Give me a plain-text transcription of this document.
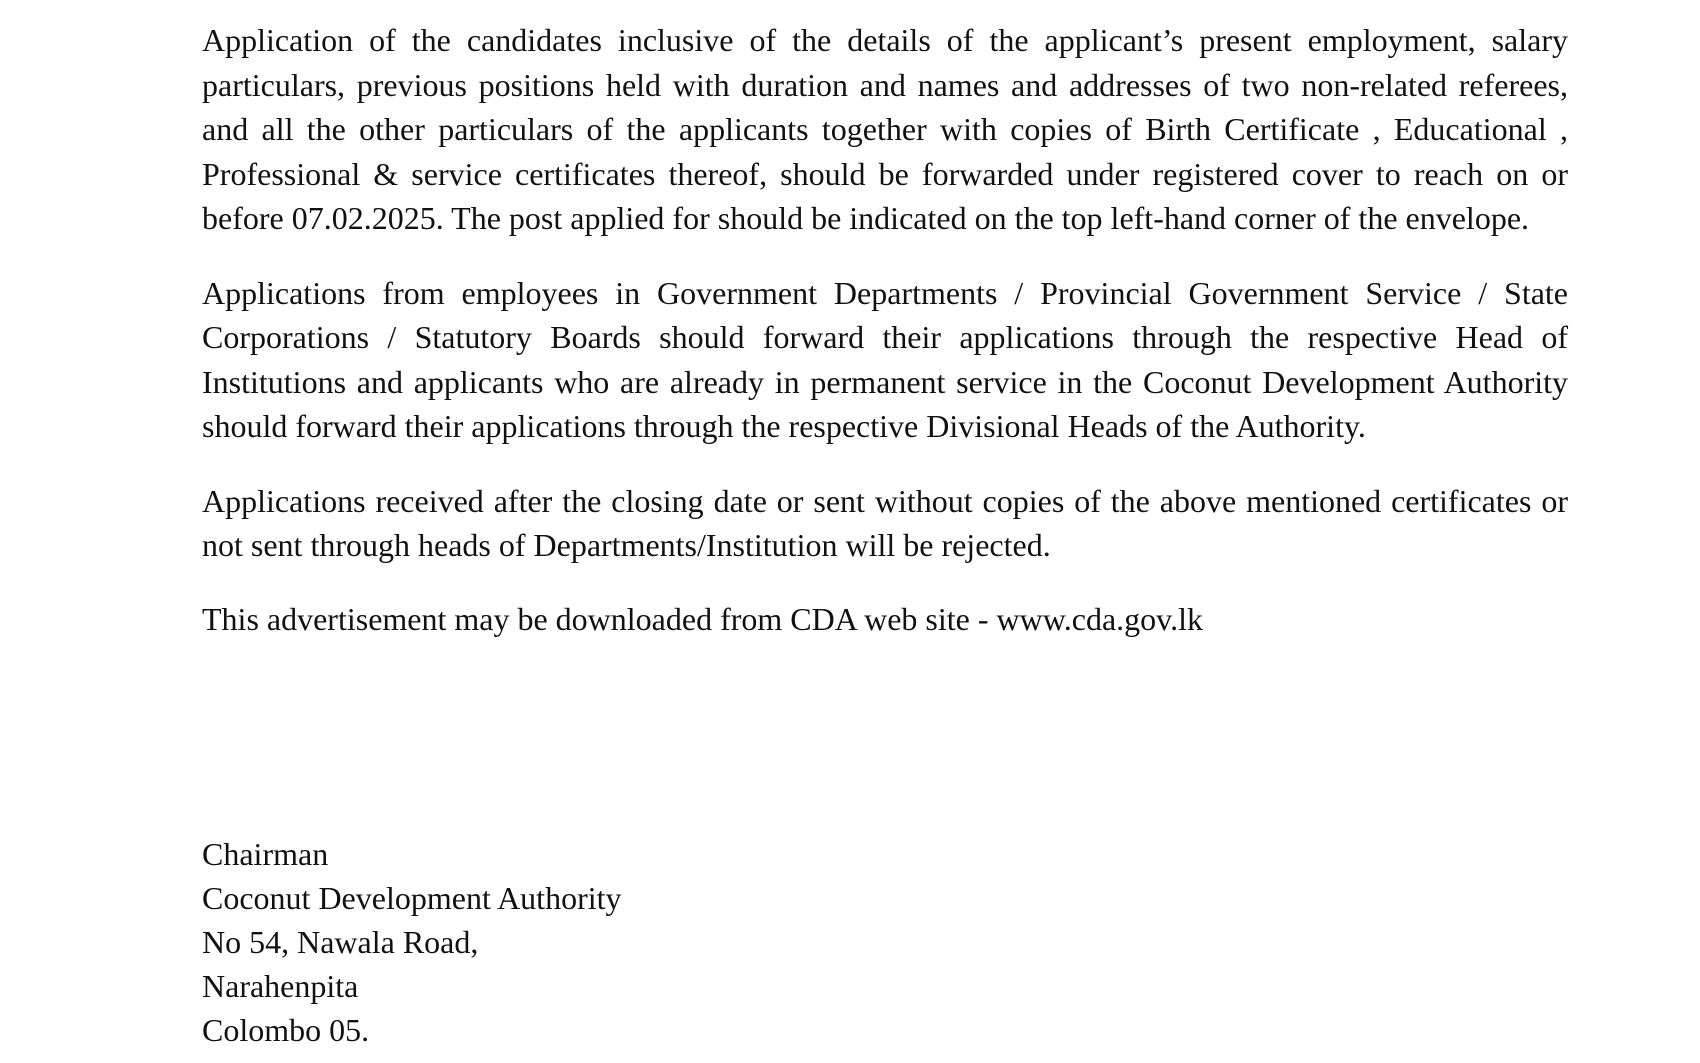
Application of the candidates inclusive of the details of the applicant’s present employment, salary particulars, previous positions held with duration and names and addresses of two non-related referees, and all the other particulars of the applicants together with copies of Birth Certificate , Educational , Professional & service certificates thereof, should be forwarded under registered cover to reach on or before 07.02.2025. The post applied for should be indicated on the top left-hand corner of the envelope.

Applications from employees in Government Departments / Provincial Government Service / State Corporations / Statutory Boards should forward their applications through the respective Head of Institutions and applicants who are already in permanent service in the Coconut Development Authority should forward their applications through the respective Divisional Heads of the Authority.

Applications received after the closing date or sent without copies of the above mentioned certificates or not sent through heads of Departments/Institution will be rejected.

This advertisement may be downloaded from CDA web site - www.cda.gov.lk

Chairman
Coconut Development Authority
No 54, Nawala Road,
Narahenpita
Colombo 05.
